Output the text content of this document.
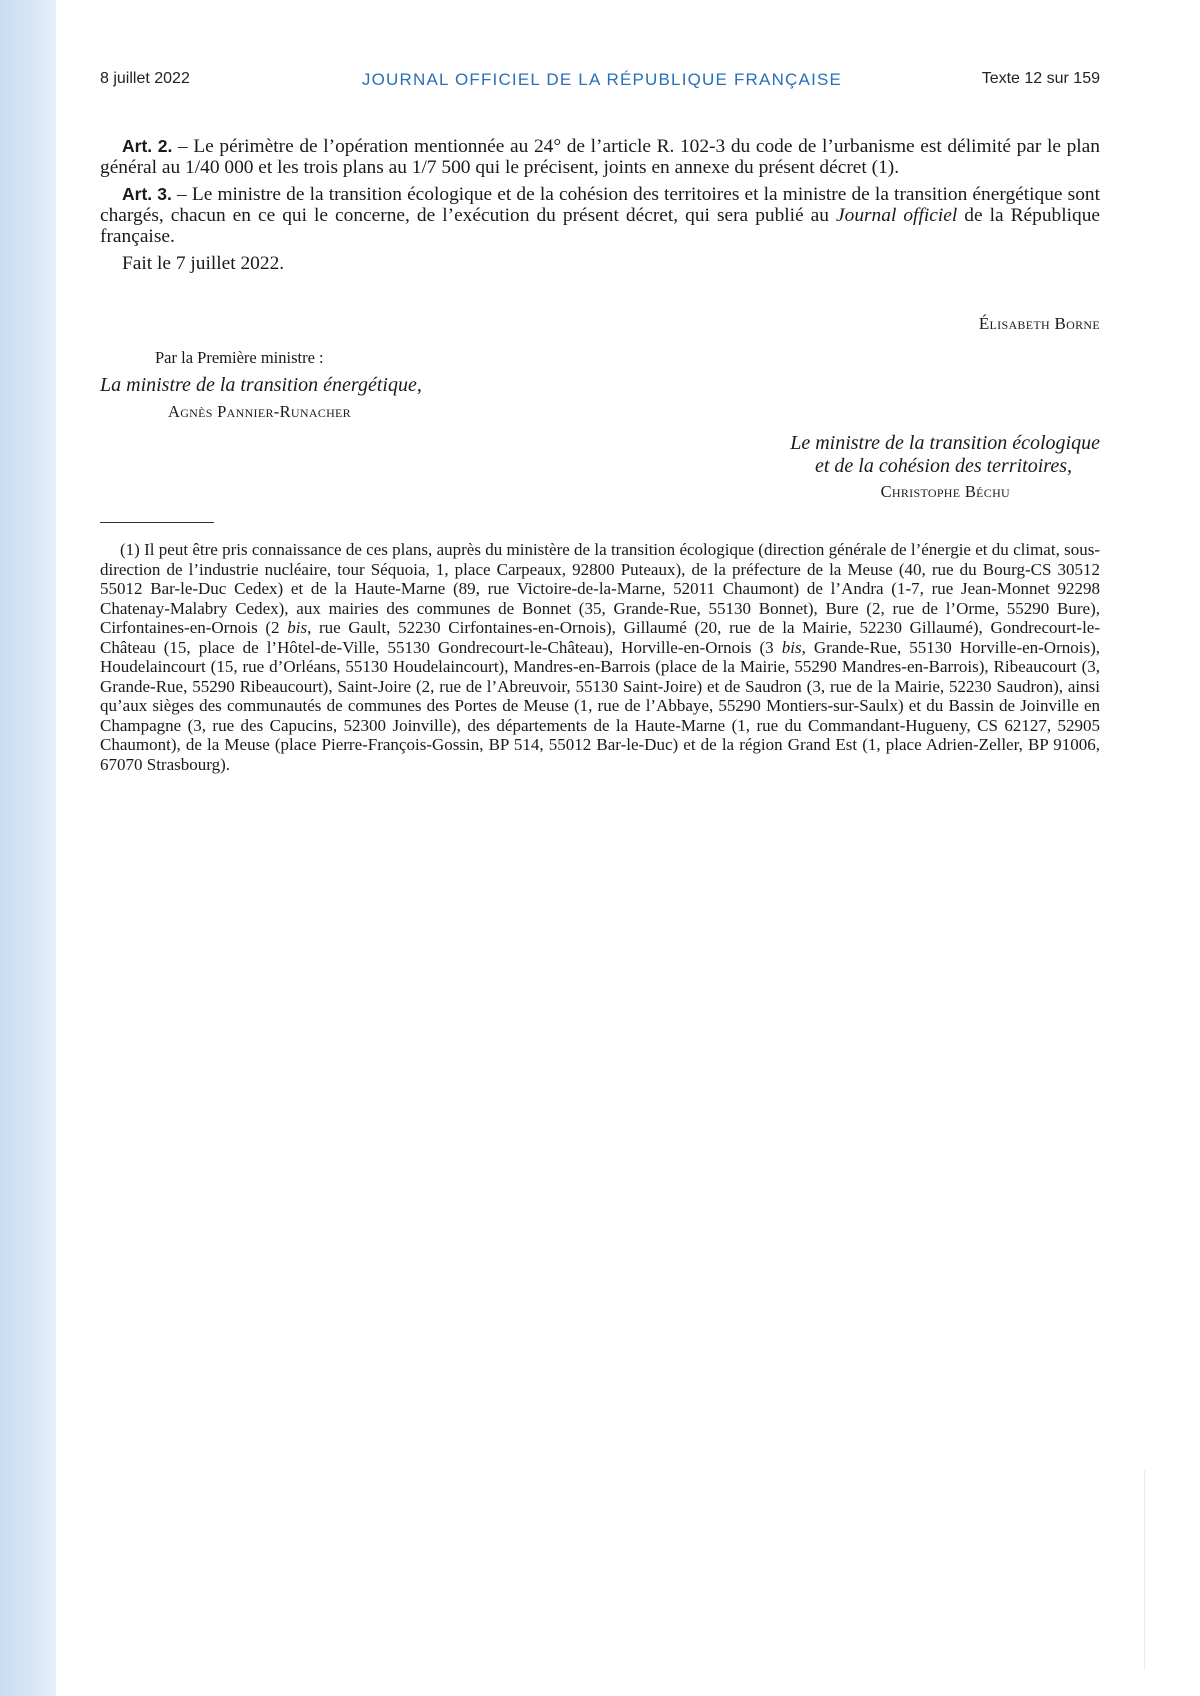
8 juillet 2022	JOURNAL OFFICIEL DE LA RÉPUBLIQUE FRANÇAISE	Texte 12 sur 159

Art. 2. – Le périmètre de l’opération mentionnée au 24° de l’article R. 102-3 du code de l’urbanisme est délimité par le plan général au 1/40 000 et les trois plans au 1/7 500 qui le précisent, joints en annexe du présent décret (1).

Art. 3. – Le ministre de la transition écologique et de la cohésion des territoires et la ministre de la transition énergétique sont chargés, chacun en ce qui le concerne, de l’exécution du présent décret, qui sera publié au Journal officiel de la République française.

Fait le 7 juillet 2022.

Élisabeth Borne
Par la Première ministre :
La ministre de la transition énergétique,
Agnès Pannier-Runacher
Le ministre de la transition écologique
et de la cohésion des territoires,
Christophe Béchu
(1) Il peut être pris connaissance de ces plans, auprès du ministère de la transition écologique (direction générale de l’énergie et du climat, sous-direction de l’industrie nucléaire, tour Séquoia, 1, place Carpeaux, 92800 Puteaux), de la préfecture de la Meuse (40, rue du Bourg-CS 30512 55012 Bar-le-Duc Cedex) et de la Haute-Marne (89, rue Victoire-de-la-Marne, 52011 Chaumont) de l’Andra (1-7, rue Jean-Monnet 92298 Chatenay-Malabry Cedex), aux mairies des communes de Bonnet (35, Grande-Rue, 55130 Bonnet), Bure (2, rue de l’Orme, 55290 Bure), Cirfontaines-en-Ornois (2 bis, rue Gault, 52230 Cirfontaines-en-Ornois), Gillaumé (20, rue de la Mairie, 52230 Gillaumé), Gondrecourt-le-Château (15, place de l’Hôtel-de-Ville, 55130 Gondrecourt-le-Château), Horville-en-Ornois (3 bis, Grande-Rue, 55130 Horville-en-Ornois), Houdelaincourt (15, rue d’Orléans, 55130 Houdelaincourt), Mandres-en-Barrois (place de la Mairie, 55290 Mandres-en-Barrois), Ribeaucourt (3, Grande-Rue, 55290 Ribeaucourt), Saint-Joire (2, rue de l’Abreuvoir, 55130 Saint-Joire) et de Saudron (3, rue de la Mairie, 52230 Saudron), ainsi qu’aux sièges des communautés de communes des Portes de Meuse (1, rue de l’Abbaye, 55290 Montiers-sur-Saulx) et du Bassin de Joinville en Champagne (3, rue des Capucins, 52300 Joinville), des départements de la Haute-Marne (1, rue du Commandant-Hugueny, CS 62127, 52905 Chaumont), de la Meuse (place Pierre-François-Gossin, BP 514, 55012 Bar-le-Duc) et de la région Grand Est (1, place Adrien-Zeller, BP 91006, 67070 Strasbourg).
